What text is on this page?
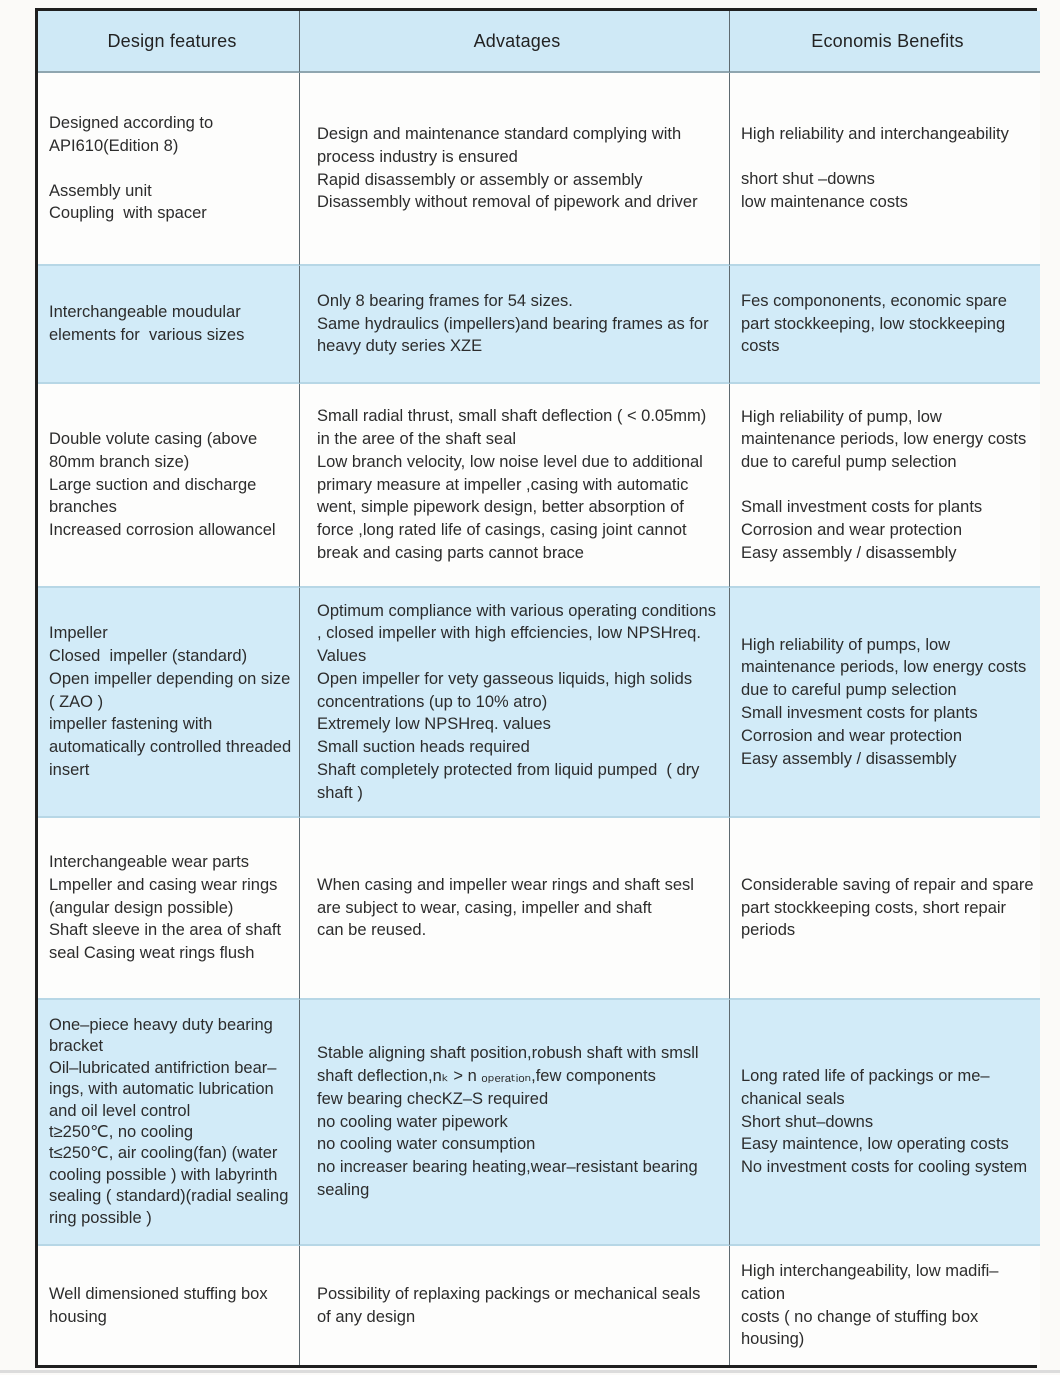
Design features	Advatages	Economis Benefits
Designed according to API610(Edition 8)
Assembly unit
Coupling  with spacer
Design and maintenance standard complying with process industry is ensured
Rapid disassembly or assembly or assembly
Disassembly without removal of pipework and driver
High reliability and interchangeability
short shut –downs
low maintenance costs
Interchangeable moudular elements for  various sizes
Only 8 bearing frames for 54 sizes.
Same hydraulics (impellers)and bearing frames as for heavy duty series XZE
Fes compononents, economic spare part stockkeeping, low stockkeeping costs
Double volute casing (above 80mm branch size)
Large suction and discharge branches
Increased corrosion allowancel
Small radial thrust, small shaft deflection ( < 0.05mm) in the aree of the shaft seal
Low branch velocity, low noise level due to additional primary measure at impeller ,casing with automatic went, simple pipework design, better absorption of force ,long rated life of casings, casing joint cannot break and casing parts cannot brace
High reliability of pump, low maintenance periods, low energy costs due to careful pump selection
Small investment costs for plants
Corrosion and wear protection
Easy assembly / disassembly
Impeller
Closed  impeller (standard)
Open impeller depending on size ( ZAO )
impeller fastening with automatically controlled threaded insert
Optimum compliance with various operating conditions , closed impeller with high effciencies, low NPSHreq. Values
Open impeller for vety gasseous liquids, high solids concentrations (up to 10% atro)
Extremely low NPSHreq. values
Small suction heads required
Shaft completely protected from liquid pumped  ( dry shaft )
High reliability of pumps, low maintenance periods, low energy costs due to careful pump selection
Small invesment costs for plants
Corrosion and wear protection
Easy assembly / disassembly
Interchangeable wear parts
Lmpeller and casing wear rings (angular design possible)
Shaft sleeve in the area of shaft seal Casing weat rings flush
When casing and impeller wear rings and shaft sesl are subject to wear, casing, impeller and shaft
can be reused.
Considerable saving of repair and spare part stockkeeping costs, short repair
periods
One–piece heavy duty bearing bracket
Oil–lubricated antifriction bear–ings, with automatic lubrication and oil level control
t≥250℃, no cooling
t≤250℃, air cooling(fan) (water cooling possible ) with labyrinth sealing ( standard)(radial sealing ring possible )
Stable aligning shaft position,robush shaft with smsll shaft deflection,nₖ > n ₒₚₑᵣₐₜᵢₒₙ,few components
few bearing checKZ–S required
no cooling water pipework
no cooling water consumption
no increaser bearing heating,wear–resistant bearing sealing
Long rated life of packings or me–chanical seals
Short shut–downs
Easy maintence, low operating costs
No investment costs for cooling system
Well dimensioned stuffing box housing
Possibility of replaxing packings or mechanical seals of any design
High interchangeability, low madifi–cation
costs ( no change of stuffing box housing)
